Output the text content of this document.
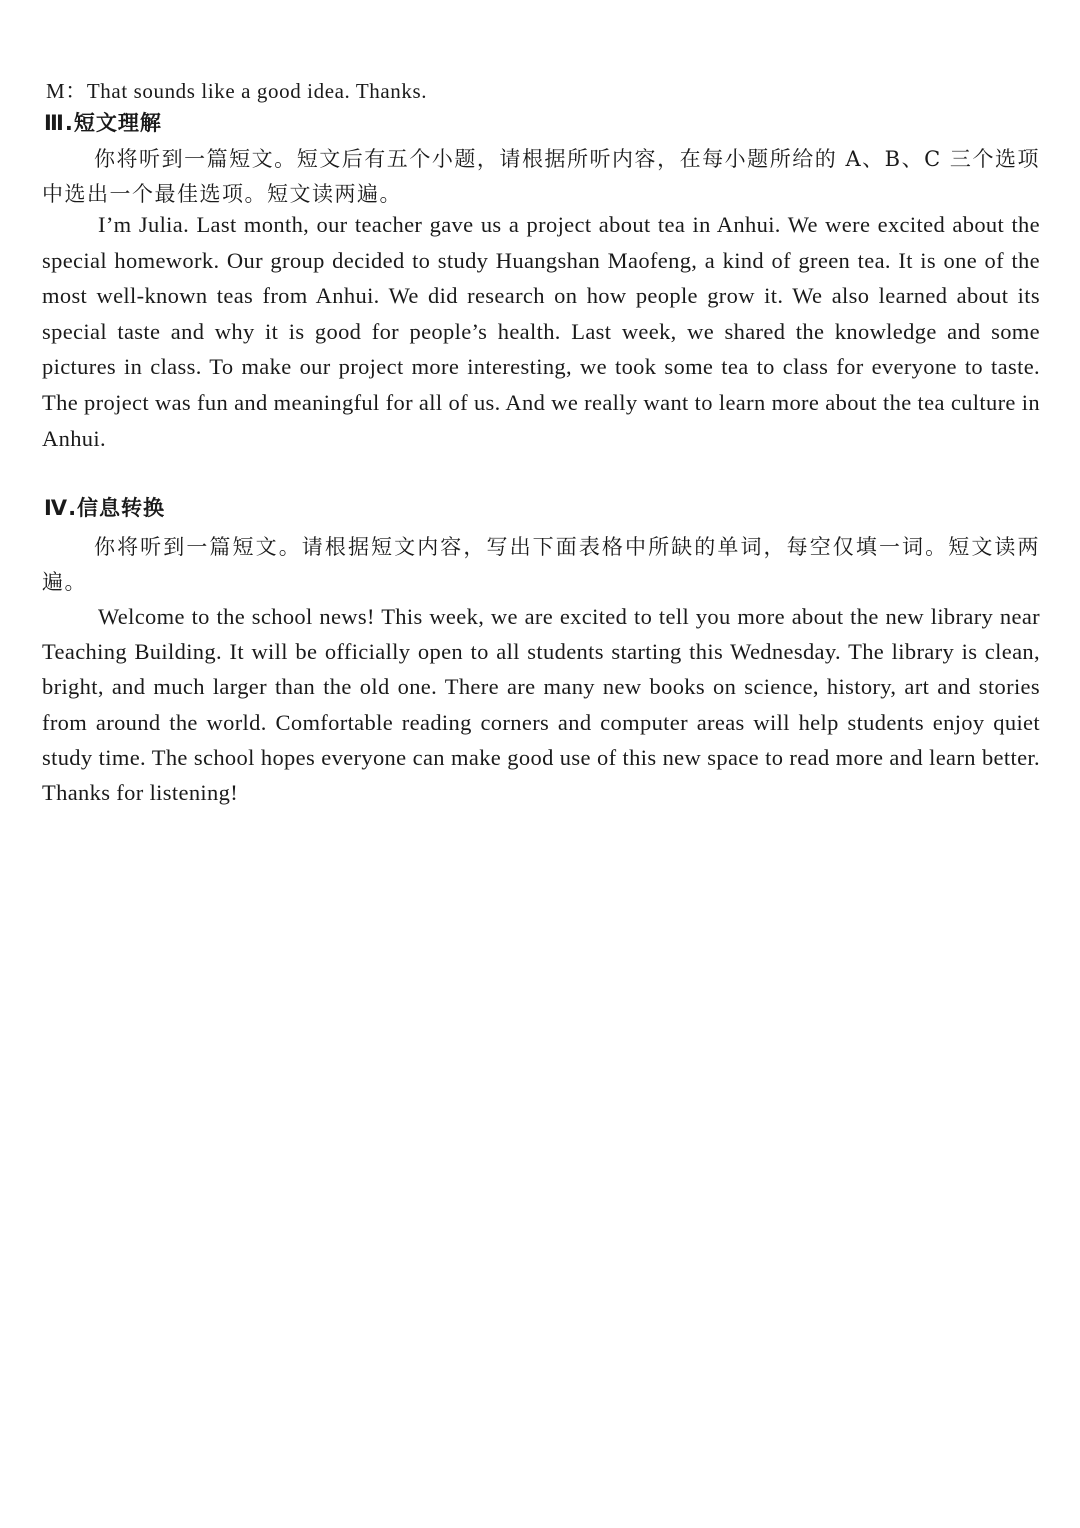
M：That sounds like a good idea. Thanks.

Ⅲ.短文理解

你将听到一篇短文。短文后有五个小题，请根据所听内容，在每小题所给的 A、B、C 三个选项中选出一个最佳选项。短文读两遍。

I’m Julia. Last month, our teacher gave us a project about tea in Anhui. We were excited about the special homework. Our group decided to study Huangshan Maofeng, a kind of green tea. It is one of the most well-known teas from Anhui. We did research on how people grow it. We also learned about its special taste and why it is good for people’s health. Last week, we shared the knowledge and some pictures in class. To make our project more interesting, we took some tea to class for everyone to taste. The project was fun and meaningful for all of us. And we really want to learn more about the tea culture in Anhui.

Ⅳ.信息转换

你将听到一篇短文。请根据短文内容，写出下面表格中所缺的单词，每空仅填一词。短文读两遍。

Welcome to the school news! This week, we are excited to tell you more about the new library near Teaching Building. It will be officially open to all students starting this Wednesday. The library is clean, bright, and much larger than the old one. There are many new books on science, history, art and stories from around the world. Comfortable reading corners and computer areas will help students enjoy quiet study time. The school hopes everyone can make good use of this new space to read more and learn better. Thanks for listening!
